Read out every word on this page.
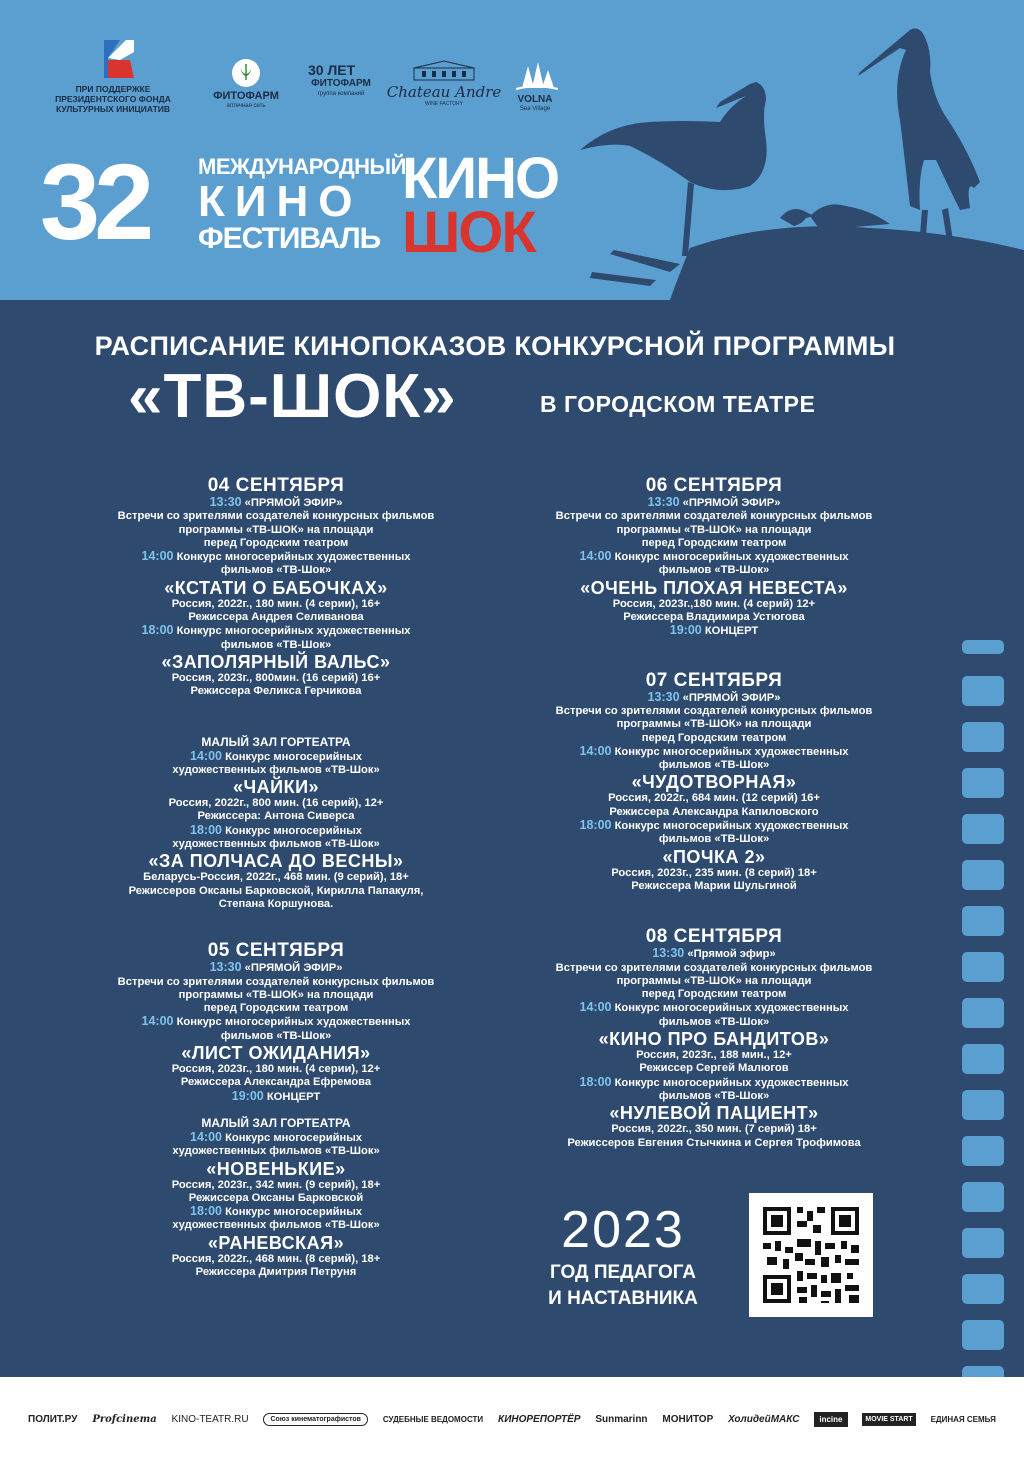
ПРИ ПОДДЕРЖКЕ
ПРЕЗИДЕНТСКОГО ФОНДА
КУЛЬТУРНЫХ ИНИЦИАТИВ
ФИТОФАРМ
аптечная сеть
30 ЛЕТ
ФИТОФАРМ
группа компаний	Chateau Andre
WINE FACTORY	VOLNA
Sea Village
32 МЕЖДУНАРОДНЫЙ
КИНО
ФЕСТИВАЛЬ
КИНО
ШОК
РАСПИСАНИЕ КИНОПОКАЗОВ КОНКУРСНОЙ ПРОГРАММЫ
«ТВ-ШОК»	В ГОРОДСКОМ ТЕАТРЕ
04 СЕНТЯБРЯ
13:30 «ПРЯМОЙ ЭФИР»
Встречи со зрителями создателей конкурсных фильмов
программы «ТВ-ШОК» на площади
перед Городским театром
14:00 Конкурс многосерийных художественных
фильмов «ТВ-Шок»
«КСТАТИ О БАБОЧКАХ»
Россия, 2022г., 180 мин. (4 серии), 16+
Режиссера Андрея Селиванова
18:00 Конкурс многосерийных художественных
фильмов «ТВ-Шок»
«ЗАПОЛЯРНЫЙ ВАЛЬС»
Россия, 2023г., 800мин. (16 серий) 16+
Режиссера Феликса Герчикова
МАЛЫЙ ЗАЛ ГОРТЕАТРА
14:00 Конкурс многосерийных
художественных фильмов «ТВ-Шок»
«ЧАЙКИ»
Россия, 2022г., 800 мин. (16 серий), 12+
Режиссера: Антона Сиверса
18:00 Конкурс многосерийных
художественных фильмов «ТВ-Шок»
«ЗА ПОЛЧАСА ДО ВЕСНЫ»
Беларусь-Россия, 2022г., 468 мин. (9 серий), 18+
Режиссеров Оксаны Барковской, Кирилла Папакуля,
Степана Коршунова.
05 СЕНТЯБРЯ
13:30 «ПРЯМОЙ ЭФИР»
Встречи со зрителями создателей конкурсных фильмов
программы «ТВ-ШОК» на площади
перед Городским театром
14:00 Конкурс многосерийных художественных
фильмов «ТВ-Шок»
«ЛИСТ ОЖИДАНИЯ»
Россия, 2023г., 180 мин. (4 серии), 12+
Режиссера Александра Ефремова
19:00 КОНЦЕРТ
МАЛЫЙ ЗАЛ ГОРТЕАТРА
14:00 Конкурс многосерийных
художественных фильмов «ТВ-Шок»
«НОВЕНЬКИЕ»
Россия, 2023г., 342 мин. (9 серий), 18+
Режиссера Оксаны Барковской
18:00 Конкурс многосерийных
художественных фильмов «ТВ-Шок»
«РАНЕВСКАЯ»
Россия, 2022г., 468 мин. (8 серий), 18+
Режиссера Дмитрия Петруня
06 СЕНТЯБРЯ
13:30 «ПРЯМОЙ ЭФИР»
Встречи со зрителями создателей конкурсных фильмов
программы «ТВ-ШОК» на площади
перед Городским театром
14:00 Конкурс многосерийных художественных
фильмов «ТВ-Шок»
«ОЧЕНЬ ПЛОХАЯ НЕВЕСТА»
Россия, 2023г.,180 мин. (4 серий) 12+
Режиссера Владимира Устюгова
19:00 КОНЦЕРТ
07 СЕНТЯБРЯ
13:30 «ПРЯМОЙ ЭФИР»
Встречи со зрителями создателей конкурсных фильмов
программы «ТВ-ШОК» на площади
перед Городским театром
14:00 Конкурс многосерийных художественных
фильмов «ТВ-Шок»
«ЧУДОТВОРНАЯ»
Россия, 2022г., 684 мин. (12 серий) 16+
Режиссера Александра Капиловского
18:00 Конкурс многосерийных художественных
фильмов «ТВ-Шок»
«ПОЧКА 2»
Россия, 2023г., 235 мин. (8 серий) 18+
Режиссера Марии Шульгиной
08 СЕНТЯБРЯ
13:30 «Прямой эфир»
Встречи со зрителями создателей конкурсных фильмов
программы «ТВ-ШОК» на площади
перед Городским театром
14:00 Конкурс многосерийных художественных
фильмов «ТВ-Шок»
«КИНО ПРО БАНДИТОВ»
Россия, 2023г., 188 мин., 12+
Режиссер Сергей Малюгов
18:00 Конкурс многосерийных художественных
фильмов «ТВ-Шок»
«НУЛЕВОЙ ПАЦИЕНТ»
Россия, 2022г., 350 мин. (7 серий) 18+
Режиссеров Евгения Стычкина и Сергея Трофимова
2023
ГОД ПЕДАГОГА
И НАСТАВНИКА
ПОЛИТ.РУ Profcinema KINO-TEATR.RU	Союз кинематографистов	СУДЕБНЫЕ ВЕДОМОСТИ КИНОРЕПОРТЁР Sunmarinn МОНИТОР ХолидейМАКС	incine	MOVIE START	ЕДИНАЯ СЕМЬЯ
